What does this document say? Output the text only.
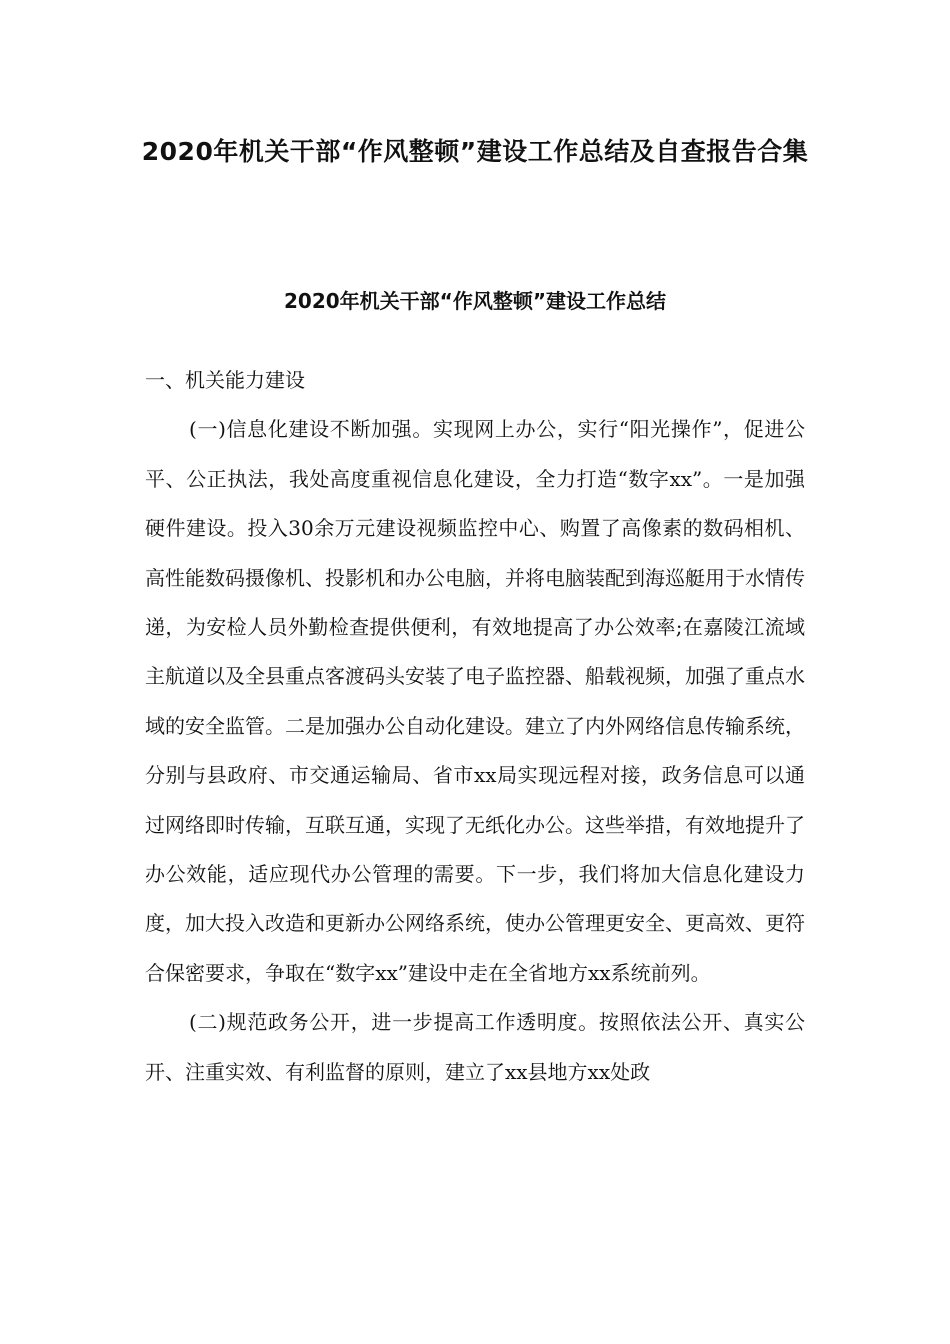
2020年机关干部“作风整顿”建设工作总结及自查报告合集
2020年机关干部“作风整顿”建设工作总结

一、机关能力建设

(一)信息化建设不断加强。实现网上办公，实行“阳光操作”，促进公平、公正执法，我处高度重视信息化建设，全力打造“数字xx”。一是加强硬件建设。投入30余万元建设视频监控中心、购置了高像素的数码相机、高性能数码摄像机、投影机和办公电脑，并将电脑装配到海巡艇用于水情传递，为安检人员外勤检查提供便利，有效地提高了办公效率;在嘉陵江流域主航道以及全县重点客渡码头安装了电子监控器、船载视频，加强了重点水域的安全监管。二是加强办公自动化建设。建立了内外网络信息传输系统，分别与县政府、市交通运输局、省市xx局实现远程对接，政务信息可以通过网络即时传输，互联互通，实现了无纸化办公。这些举措，有效地提升了办公效能，适应现代办公管理的需要。下一步，我们将加大信息化建设力度，加大投入改造和更新办公网络系统，使办公管理更安全、更高效、更符合保密要求，争取在“数字xx”建设中走在全省地方xx系统前列。

(二)规范政务公开，进一步提高工作透明度。按照依法公开、真实公开、注重实效、有利监督的原则，建立了xx县地方xx处政
